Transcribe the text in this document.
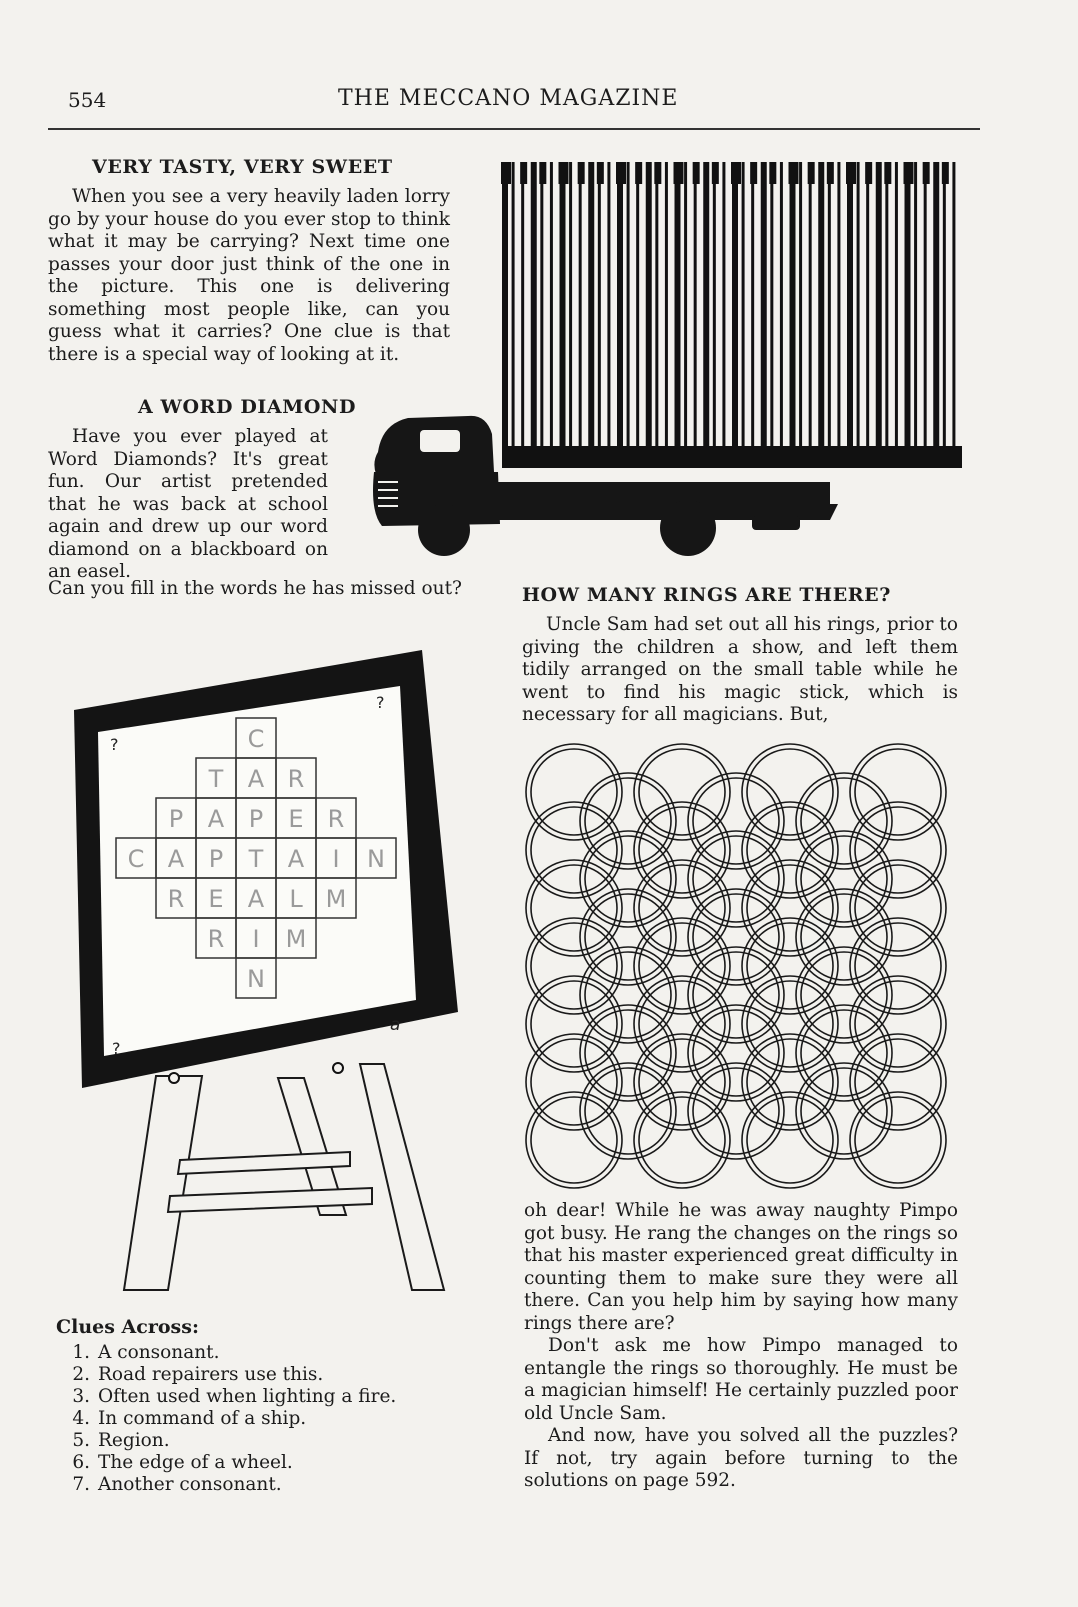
554	THE MECCANO MAGAZINE
VERY TASTY, VERY SWEET

When you see a very heavily laden lorry go by your house do you ever stop to think what it may be carrying? Next time one passes your door just think of the one in the picture. This one is delivering something most people like, can you guess what it carries? One clue is that there is a special way of looking at it.

A WORD DIAMOND

Have you ever played at Word Diamonds? It's great fun. Our artist pretended that he was back at school again and drew up our word diamond on a blackboard on an easel.

Can you fill in the words he has missed out?
C
T A R
P A P E R
C A P T A I N
R E A L M
R I M
N
?
?
?
a
Clues Across:
1. A consonant.
2. Road repairers use this.
3. Often used when lighting a fire.
4. In command of a ship.
5. Region.
6. The edge of a wheel.
7. Another consonant.
HOW MANY RINGS ARE THERE?

Uncle Sam had set out all his rings, prior to giving the children a show, and left them tidily arranged on the small table while he went to find his magic stick, which is necessary for all magicians. But,

oh dear! While he was away naughty Pimpo got busy. He rang the changes on the rings so that his master experienced great difficulty in counting them to make sure they were all there. Can you help him by saying how many rings there are?

Don't ask me how Pimpo managed to entangle the rings so thoroughly. He must be a magician himself! He certainly puzzled poor old Uncle Sam.

And now, have you solved all the puzzles? If not, try again before turning to the solutions on page 592.
